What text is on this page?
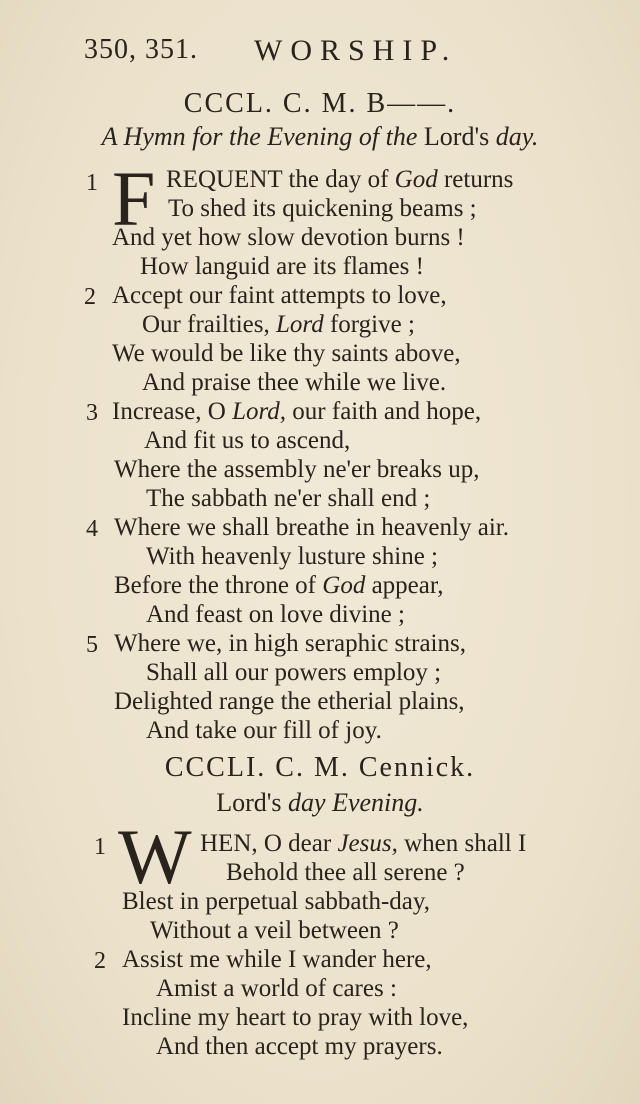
350, 351. WORSHIP.
CCCL. C. M. B——.
A Hymn for the Evening of the Lord's day.
1 F REQUENT the day of God returns
To shed its quickening beams ;
And yet how slow devotion burns !
How languid are its flames !
2 Accept our faint attempts to love,
Our frailties, Lord forgive ;
We would be like thy saints above,
And praise thee while we live.
3 Increase, O Lord, our faith and hope,
And fit us to ascend,
Where the assembly ne'er breaks up,
The sabbath ne'er shall end ;
4 Where we shall breathe in heavenly air.
With heavenly lusture shine ;
Before the throne of God appear,
And feast on love divine ;
5 Where we, in high seraphic strains,
Shall all our powers employ ;
Delighted range the etherial plains,
And take our fill of joy.
CCCLI. C. M. Cennick.
Lord's day Evening.
1 W HEN, O dear Jesus, when shall I
Behold thee all serene ?
Blest in perpetual sabbath-day,
Without a veil between ?
2 Assist me while I wander here,
Amist a world of cares :
Incline my heart to pray with love,
And then accept my prayers.
